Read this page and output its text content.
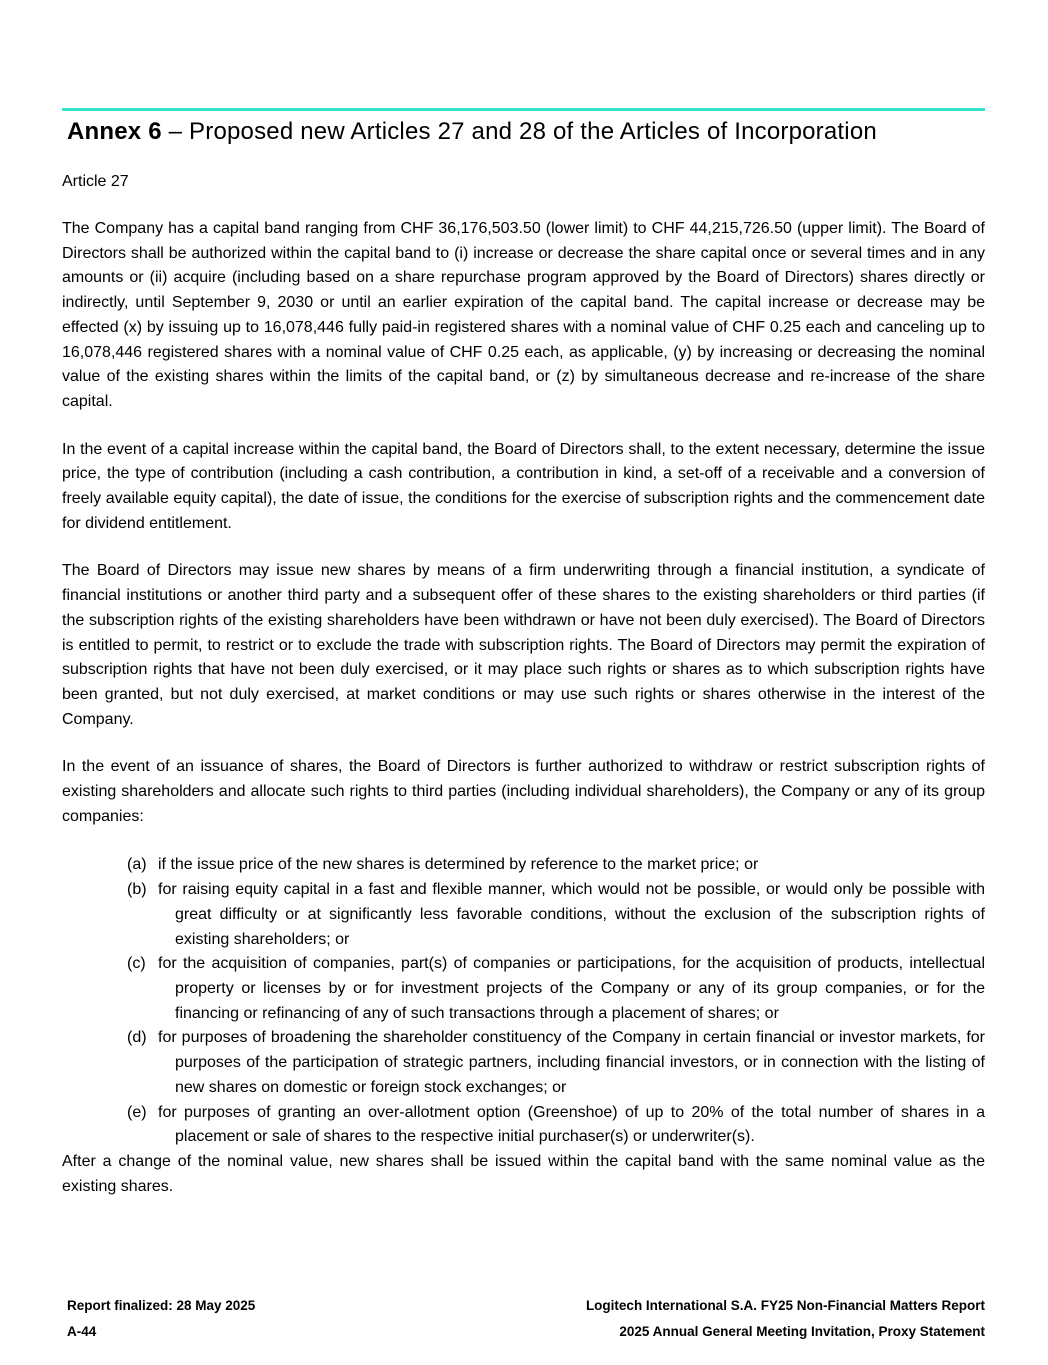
Annex 6 – Proposed new Articles 27 and 28 of the Articles of Incorporation

Article 27

The Company has a capital band ranging from CHF 36,176,503.50 (lower limit) to CHF 44,215,726.50 (upper limit). The Board of Directors shall be authorized within the capital band to (i) increase or decrease the share capital once or several times and in any amounts or (ii) acquire (including based on a share repurchase program approved by the Board of Directors) shares directly or indirectly, until September 9, 2030 or until an earlier expiration of the capital band. The capital increase or decrease may be effected (x) by issuing up to 16,078,446 fully paid-in registered shares with a nominal value of CHF 0.25 each and canceling up to 16,078,446 registered shares with a nominal value of CHF 0.25 each, as applicable, (y) by increasing or decreasing the nominal value of the existing shares within the limits of the capital band, or (z) by simultaneous decrease and re-increase of the share capital.

In the event of a capital increase within the capital band, the Board of Directors shall, to the extent necessary, determine the issue price, the type of contribution (including a cash contribution, a contribution in kind, a set-off of a receivable and a conversion of freely available equity capital), the date of issue, the conditions for the exercise of subscription rights and the commencement date for dividend entitlement.

The Board of Directors may issue new shares by means of a firm underwriting through a financial institution, a syndicate of financial institutions or another third party and a subsequent offer of these shares to the existing shareholders or third parties (if the subscription rights of the existing shareholders have been withdrawn or have not been duly exercised). The Board of Directors is entitled to permit, to restrict or to exclude the trade with subscription rights. The Board of Directors may permit the expiration of subscription rights that have not been duly exercised, or it may place such rights or shares as to which subscription rights have been granted, but not duly exercised, at market conditions or may use such rights or shares otherwise in the interest of the Company.

In the event of an issuance of shares, the Board of Directors is further authorized to withdraw or restrict subscription rights of existing shareholders and allocate such rights to third parties (including individual shareholders), the Company or any of its group companies:

(a) if the issue price of the new shares is determined by reference to the market price; or
(b) for raising equity capital in a fast and flexible manner, which would not be possible, or would only be possible with great difficulty or at significantly less favorable conditions, without the exclusion of the subscription rights of existing shareholders; or
(c) for the acquisition of companies, part(s) of companies or participations, for the acquisition of products, intellectual property or licenses by or for investment projects of the Company or any of its group companies, or for the financing or refinancing of any of such transactions through a placement of shares; or
(d) for purposes of broadening the shareholder constituency of the Company in certain financial or investor markets, for purposes of the participation of strategic partners, including financial investors, or in connection with the listing of new shares on domestic or foreign stock exchanges; or
(e) for purposes of granting an over-allotment option (Greenshoe) of up to 20% of the total number of shares in a placement or sale of shares to the respective initial purchaser(s) or underwriter(s).

After a change of the nominal value, new shares shall be issued within the capital band with the same nominal value as the existing shares.

Report finalized: 28 May 2025
A-44
Logitech International S.A. FY25 Non-Financial Matters Report
2025 Annual General Meeting Invitation, Proxy Statement
